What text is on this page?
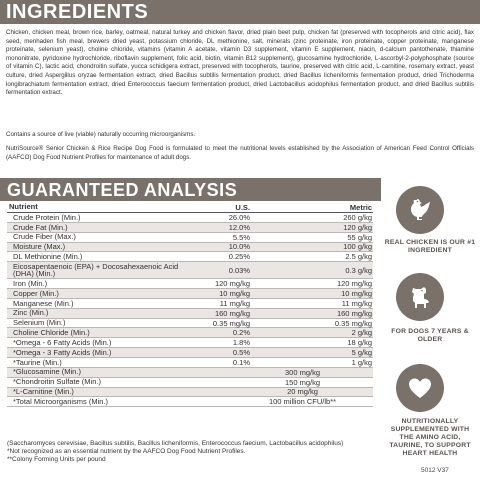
INGREDIENTS

Chicken, chicken meal, brown rice, barley, oatmeal, natural turkey and chicken flavor, dried plain beet pulp, chicken fat (preserved with tocopherols and citric acid), flax seed, menhaden fish meal, brewers dried yeast, potassium chloride, DL methionine, salt, minerals (zinc proteinate, iron proteinate, copper proteinate, manganese proteinate, selenium yeast), choline chloride, vitamins (vitamin A acetate, vitamin D3 supplement, vitamin E supplement, niacin, d-calcium pantothenate, thiamine mononitrate, pyridoxine hydrochloride, riboflavin supplement, folic acid, biotin, vitamin B12 supplement), glucosamine hydrochloride, L-ascorbyl-2-polyphosphate (source of vitamin C), lactic acid, chondroitin sulfate, yucca schidigera extract, preserved with tocopherols, taurine, preserved with citric acid, L-carnitine, rosemary extract, yeast culture, dried Aspergillus oryzae fermentation extract, dried Bacillus subtilis fermentation product, dried Bacillus licheniformis fermentation product, dried Trichoderma longibrachiatum fermentation extract, dried Enterococcus faecium fermentation product, dried Lactobacillus acidophilus fermentation product, and dried Bacillus subtilis fermentation extract.

Contains a source of live (viable) naturally occurring microorganisms.

NutriSource® Senior Chicken & Rice Recipe Dog Food is formulated to meet the nutritional levels established by the Association of American Feed Control Officials (AAFCO) Dog Food Nutrient Profiles for maintenance of adult dogs.

GUARANTEED ANALYSIS
Nutrient	U.S.	Metric
Crude Protein (Min.)	26.0%	260 g/kg
Crude Fat (Min.)	12.0%	120 g/kg
Crude Fiber (Max.)	5.5%	55 g/kg
Moisture (Max.)	10.0%	100 g/kg
DL Methionine (Min.)	0.25%	2.5 g/kg
Eicosapentaenoic (EPA) + Docosahexaenoic Acid (DHA) (Min.)	0.03%	0.3 g/kg
Iron (Min.)	120 mg/kg	120 mg/kg
Copper (Min.)	10 mg/kg	10 mg/kg
Manganese (Min.)	11 mg/kg	11 mg/kg
Zinc (Min.)	160 mg/kg	160 mg/kg
Selenium (Min.)	0.35 mg/kg	0.35 mg/kg
Choline Chloride (Min.)	0.2%	2 g/kg
*Omega - 6 Fatty Acids (Min.)	1.8%	18 g/kg
*Omega - 3 Fatty Acids (Min.)	0.5%	5 g/kg
*Taurine (Min.)	0.1%	1 g/kg
*Glucosamine (Min.)	300 mg/kg
*Chondroitin Sulfate (Min.)	150 mg/kg
*L-Carnitine (Min.)	20 mg/kg
*Total Microorganisms (Min.)	100 million CFU/lb**
(Saccharomyces cerevisiae, Bacillus subtilis, Bacillus licheniformis, Enterococcus faecium, Lactobacillus acidophilus)
*Not recognized as an essential nutrient by the AAFCO Dog Food Nutrient Profiles.
**Colony Forming Units per pound
REAL CHICKEN IS OUR #1 INGREDIENT
FOR DOGS 7 YEARS & OLDER
NUTRITIONALLY SUPPLEMENTED WITH THE AMINO ACID, TAURINE, TO SUPPORT HEART HEALTH
5012 V37
